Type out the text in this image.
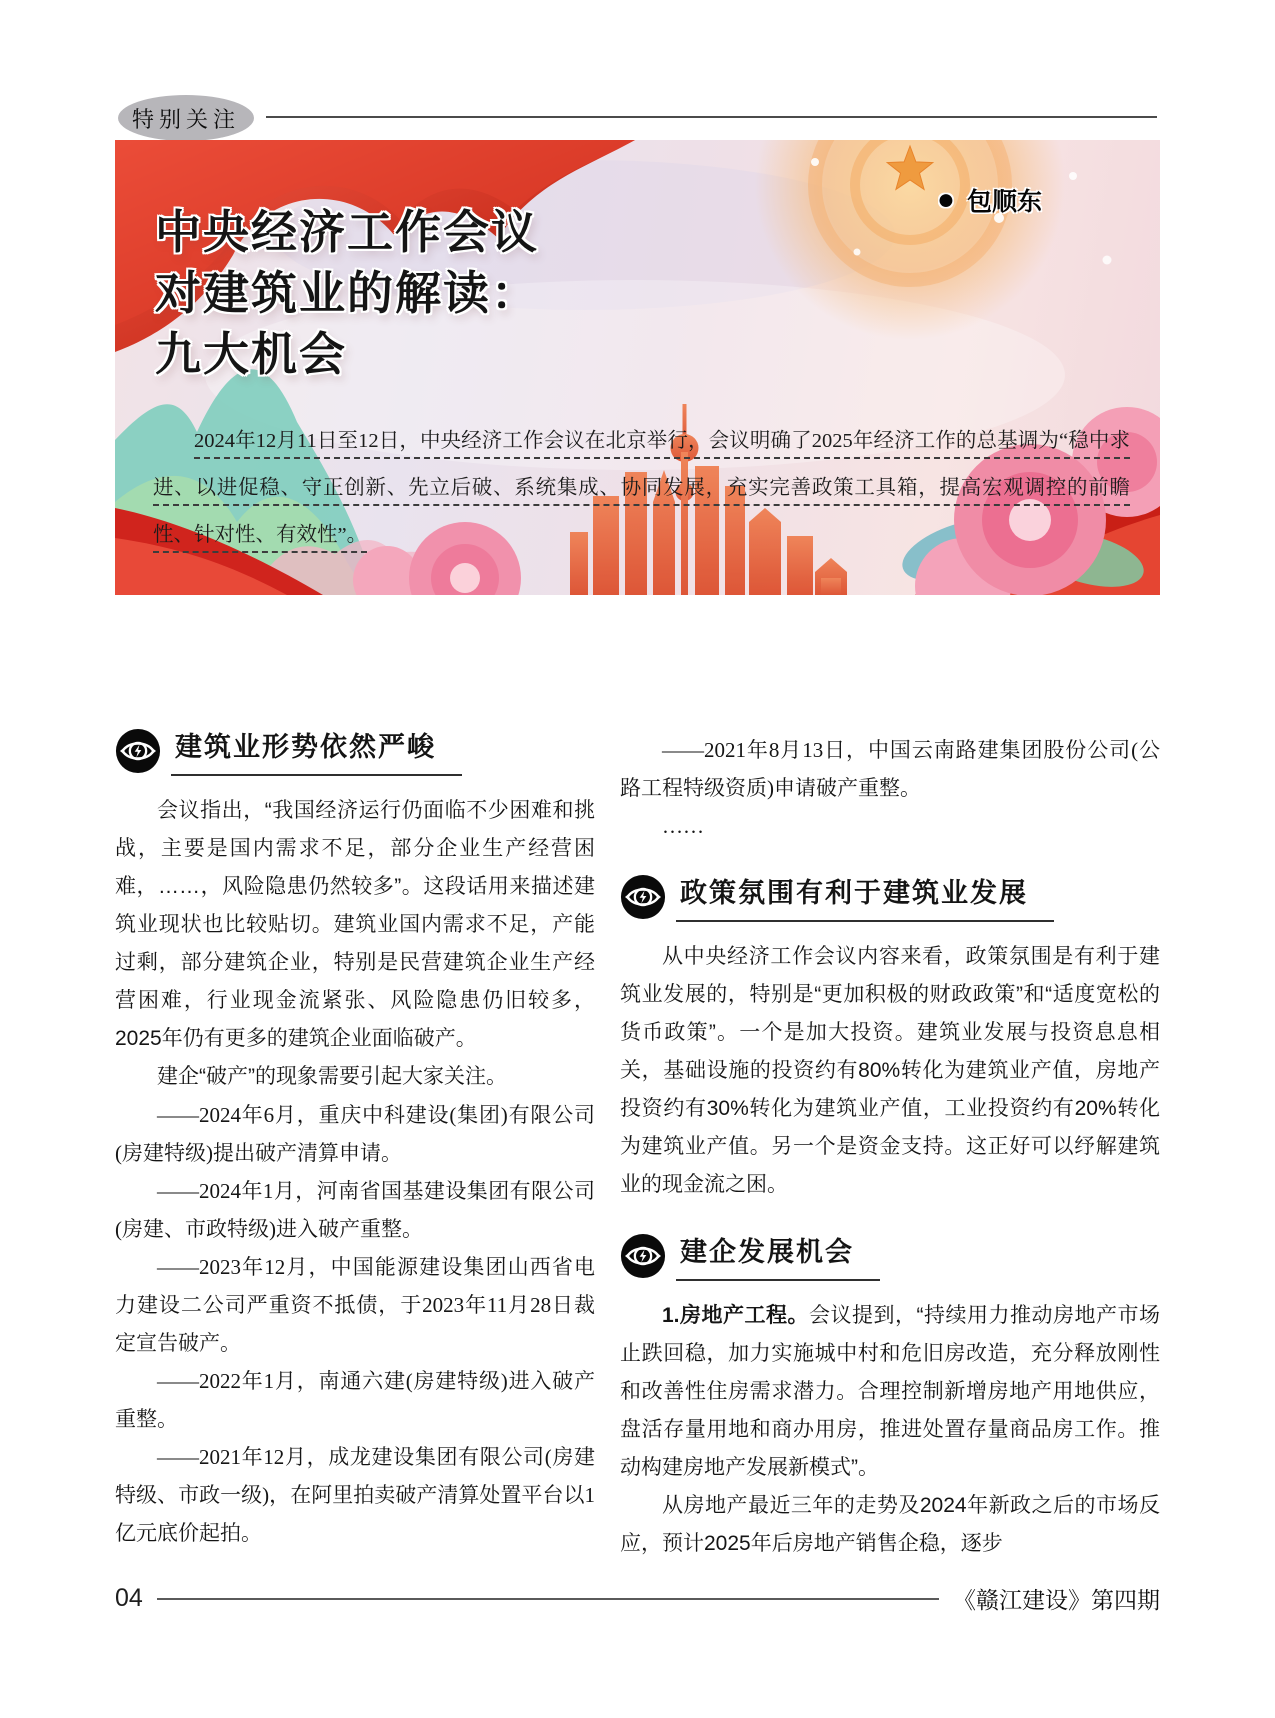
特别关注
● 包顺东
中央经济工作会议
对建筑业的解读：
九大机会

2024年12月11日至12日，中央经济工作会议在北京举行，会议明确了2025年经济工作的总基调为“稳中求进、以进促稳、守正创新、先立后破、系统集成、协同发展，充实完善政策工具箱，提高宏观调控的前瞻性、针对性、有效性”。

建筑业形势依然严峻

会议指出，“我国经济运行仍面临不少困难和挑战，主要是国内需求不足，部分企业生产经营困难，……，风险隐患仍然较多”。这段话用来描述建筑业现状也比较贴切。建筑业国内需求不足，产能过剩，部分建筑企业，特别是民营建筑企业生产经营困难，行业现金流紧张、风险隐患仍旧较多，2025年仍有更多的建筑企业面临破产。

建企“破产”的现象需要引起大家关注。

——2024年6月，重庆中科建设(集团)有限公司(房建特级)提出破产清算申请。

——2024年1月，河南省国基建设集团有限公司(房建、市政特级)进入破产重整。

——2023年12月，中国能源建设集团山西省电力建设二公司严重资不抵债，于2023年11月28日裁定宣告破产。

——2022年1月，南通六建(房建特级)进入破产重整。

——2021年12月，成龙建设集团有限公司(房建特级、市政一级)，在阿里拍卖破产清算处置平台以1亿元底价起拍。

——2021年8月13日，中国云南路建集团股份公司(公路工程特级资质)申请破产重整。

……

政策氛围有利于建筑业发展

从中央经济工作会议内容来看，政策氛围是有利于建筑业发展的，特别是“更加积极的财政政策”和“适度宽松的货币政策”。一个是加大投资。建筑业发展与投资息息相关，基础设施的投资约有80%转化为建筑业产值，房地产投资约有30%转化为建筑业产值，工业投资约有20%转化为建筑业产值。另一个是资金支持。这正好可以纾解建筑业的现金流之困。

建企发展机会

1.房地产工程。会议提到，“持续用力推动房地产市场止跌回稳，加力实施城中村和危旧房改造，充分释放刚性和改善性住房需求潜力。合理控制新增房地产用地供应，盘活存量用地和商办用房，推进处置存量商品房工作。推动构建房地产发展新模式”。

从房地产最近三年的走势及2024年新政之后的市场反应，预计2025年后房地产销售企稳，逐步

04	《赣江建设》第四期
